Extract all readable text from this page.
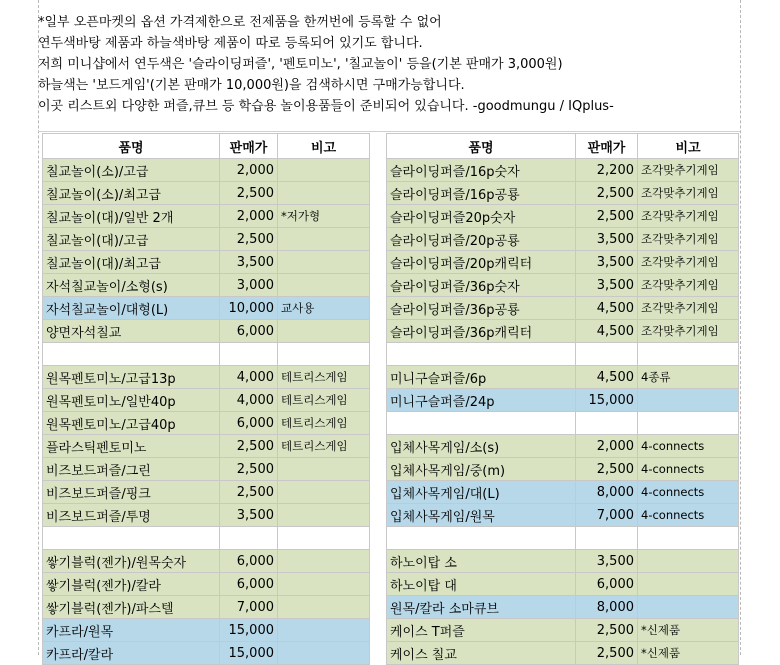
*일부 오픈마켓의 옵션 가격제한으로 전제품을 한꺼번에 등록할 수 없어
연두색바탕 제품과 하늘색바탕 제품이 따로 등록되어 있기도 합니다.
저희 미니샵에서 연두색은 '슬라이딩퍼즐', '펜토미노', '칠교놀이' 등을(기본 판매가 3,000원)
하늘색는 '보드게임'(기본 판매가 10,000원)을 검색하시면 구매가능합니다.
이곳 리스트외 다양한 퍼즐,큐브 등 학습용 놀이용품들이 준비되어 있습니다. -goodmungu / IQplus-
품명	판매가	비고
칠교놀이(소)/고급	2,000	
칠교놀이(소)/최고급	2,500	
칠교놀이(대)/일반 2개	2,000	*저가형
칠교놀이(대)/고급	2,500	
칠교놀이(대)/최고급	3,500	
자석칠교놀이/소형(s)	3,000	
자석칠교놀이/대형(L)	10,000	교사용
양면자석칠교	6,000	

원목펜토미노/고급13p	4,000	테트리스게임
원목펜토미노/일반40p	4,000	테트리스게임
원목펜토미노/고급40p	6,000	테트리스게임
플라스틱펜토미노	2,500	테트리스게임
비즈보드퍼즐/그린	2,500	
비즈보드퍼즐/핑크	2,500	
비즈보드퍼즐/투명	3,500	

쌓기블럭(젠가)/원목숫자	6,000	
쌓기블럭(젠가)/칼라	6,000	
쌓기블럭(젠가)/파스텔	7,000	
카프라/원목	15,000	
카프라/칼라	15,000	
품명	판매가	비고
슬라이딩퍼즐/16p숫자	2,200	조각맞추기게임
슬라이딩퍼즐/16p공룡	2,500	조각맞추기게임
슬라이딩퍼즐20p숫자	2,500	조각맞추기게임
슬라이딩퍼즐/20p공룡	3,500	조각맞추기게임
슬라이딩퍼즐/20p캐릭터	3,500	조각맞추기게임
슬라이딩퍼즐/36p숫자	3,500	조각맞추기게임
슬라이딩퍼즐/36p공룡	4,500	조각맞추기게임
슬라이딩퍼즐/36p캐릭터	4,500	조각맞추기게임

미니구슬퍼즐/6p	4,500	4종류
미니구슬퍼즐/24p	15,000	

입체사목게임/소(s)	2,000	4-connects
입체사목게임/중(m)	2,500	4-connects
입체사목게임/대(L)	8,000	4-connects
입체사목게임/원목	7,000	4-connects

하노이탑 소	3,500	
하노이탑 대	6,000	
원목/칼라 소마큐브	8,000	
케이스 T퍼즐	2,500	*신제품
케이스 칠교	2,500	*신제품
